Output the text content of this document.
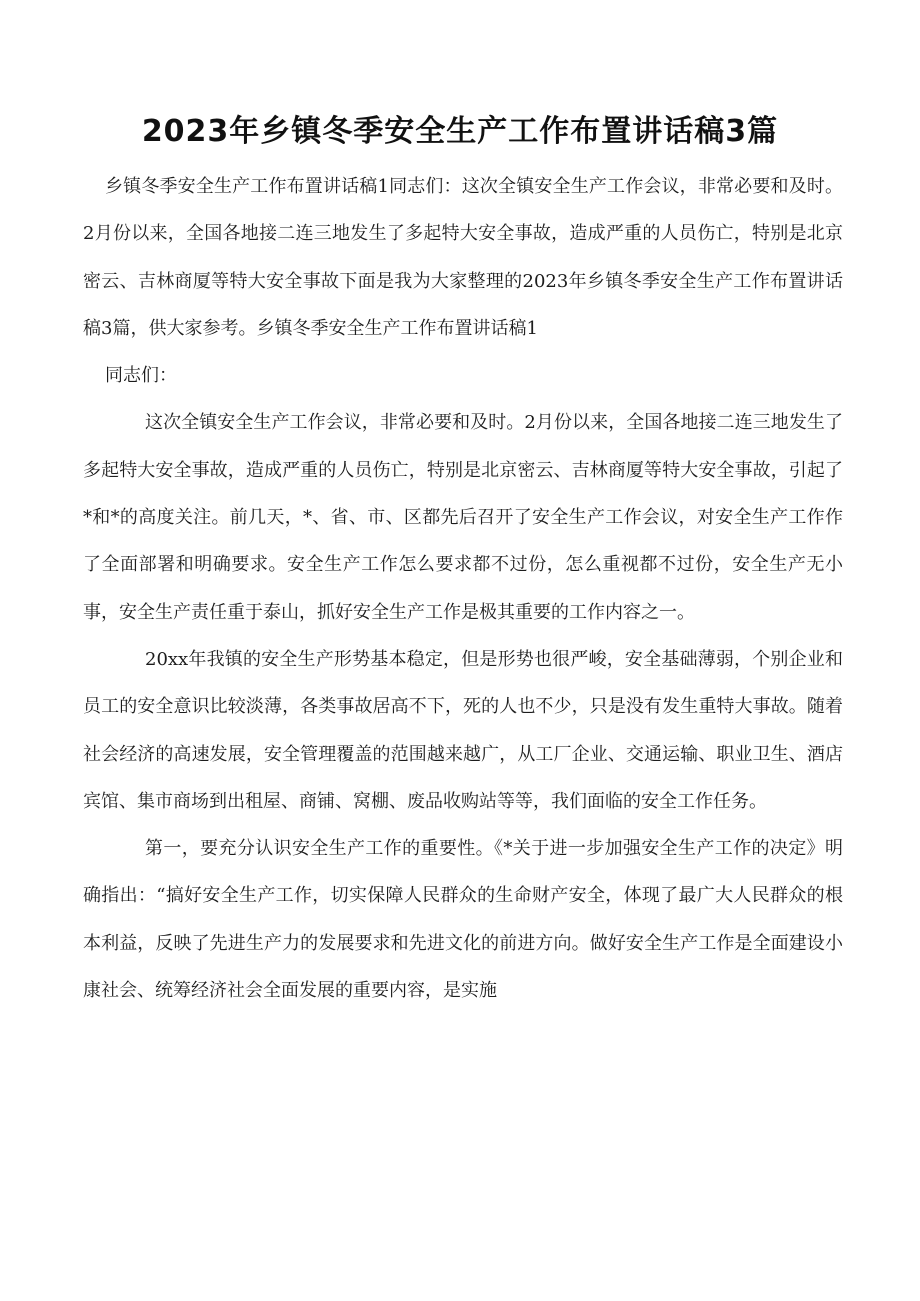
2023年乡镇冬季安全生产工作布置讲话稿3篇

乡镇冬季安全生产工作布置讲话稿1同志们：这次全镇安全生产工作会议，非常必要和及时。2月份以来，全国各地接二连三地发生了多起特大安全事故，造成严重的人员伤亡，特别是北京密云、吉林商厦等特大安全事故下面是我为大家整理的2023年乡镇冬季安全生产工作布置讲话稿3篇，供大家参考。乡镇冬季安全生产工作布置讲话稿1

同志们：

这次全镇安全生产工作会议，非常必要和及时。2月份以来，全国各地接二连三地发生了多起特大安全事故，造成严重的人员伤亡，特别是北京密云、吉林商厦等特大安全事故，引起了*和*的高度关注。前几天，*、省、市、区都先后召开了安全生产工作会议，对安全生产工作作了全面部署和明确要求。安全生产工作怎么要求都不过份，怎么重视都不过份，安全生产无小事，安全生产责任重于泰山，抓好安全生产工作是极其重要的工作内容之一。

20xx年我镇的安全生产形势基本稳定，但是形势也很严峻，安全基础薄弱，个别企业和员工的安全意识比较淡薄，各类事故居高不下，死的人也不少，只是没有发生重特大事故。随着社会经济的高速发展，安全管理覆盖的范围越来越广，从工厂企业、交通运输、职业卫生、酒店宾馆、集市商场到出租屋、商铺、窝棚、废品收购站等等，我们面临的安全工作任务。

第一，要充分认识安全生产工作的重要性。《*关于进一步加强安全生产工作的决定》明确指出：“搞好安全生产工作，切实保障人民群众的生命财产安全，体现了最广大人民群众的根本利益，反映了先进生产力的发展要求和先进文化的前进方向。做好安全生产工作是全面建设小康社会、统筹经济社会全面发展的重要内容，是实施
